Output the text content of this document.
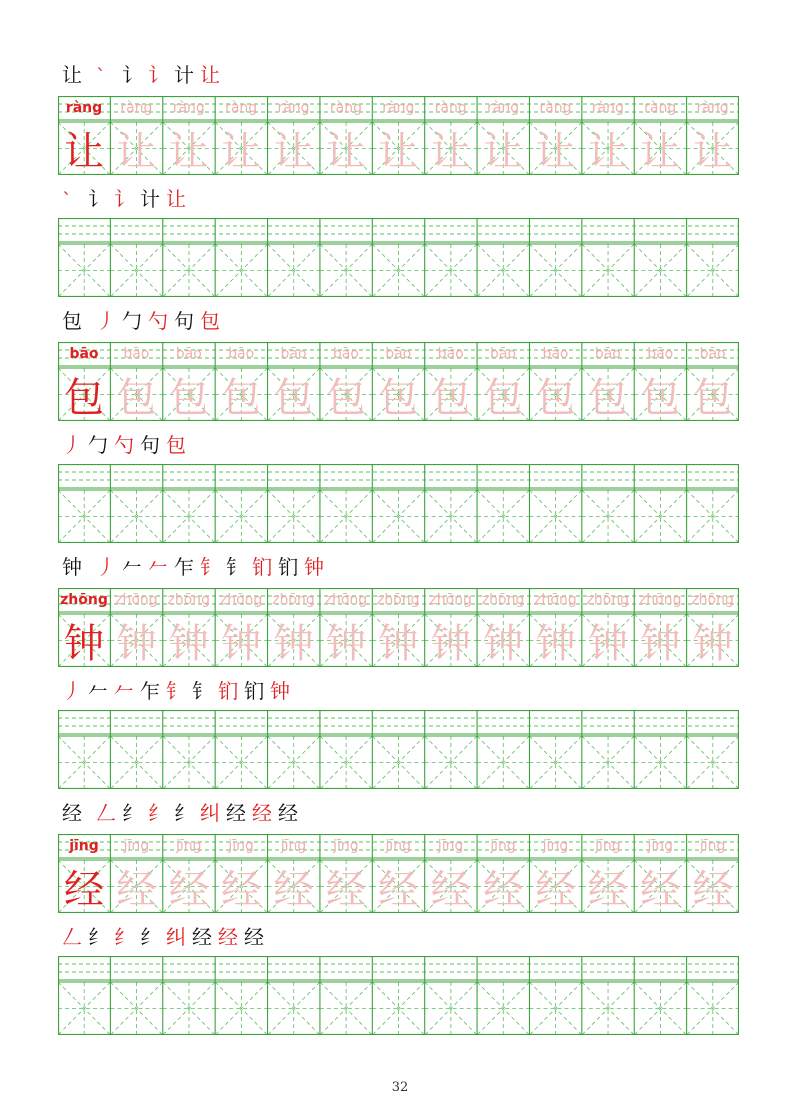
让 ` 讠 讠 计 让
ràng
让
ràng
让
ràng
让
ràng
让
ràng
让
ràng
让
ràng
让
ràng
让
ràng
让
ràng
让
ràng
让
ràng
让
ràng
让
` 讠 讠 计 让
包 丿 勹 勺 句 包
bāo
包
bāo
包
bāo
包
bāo
包
bāo
包
bāo
包
bāo
包
bāo
包
bāo
包
bāo
包
bāo
包
bāo
包
bāo
包
丿 勹 勺 句 包
钟 丿 𠂉 𠂉 乍 钅 钅 钔 钔 钟
zhōng
钟
zhōng
钟
zhōng
钟
zhōng
钟
zhōng
钟
zhōng
钟
zhōng
钟
zhōng
钟
zhōng
钟
zhōng
钟
zhōng
钟
zhōng
钟
zhōng
钟
丿 𠂉 𠂉 乍 钅 钅 钔 钔 钟
经 𠃋 纟 纟 纟 纠 经 经 经
jīng
经
jīng
经
jīng
经
jīng
经
jīng
经
jīng
经
jīng
经
jīng
经
jīng
经
jīng
经
jīng
经
jīng
经
jīng
经
𠃋 纟 纟 纟 纠 经 经 经
32
